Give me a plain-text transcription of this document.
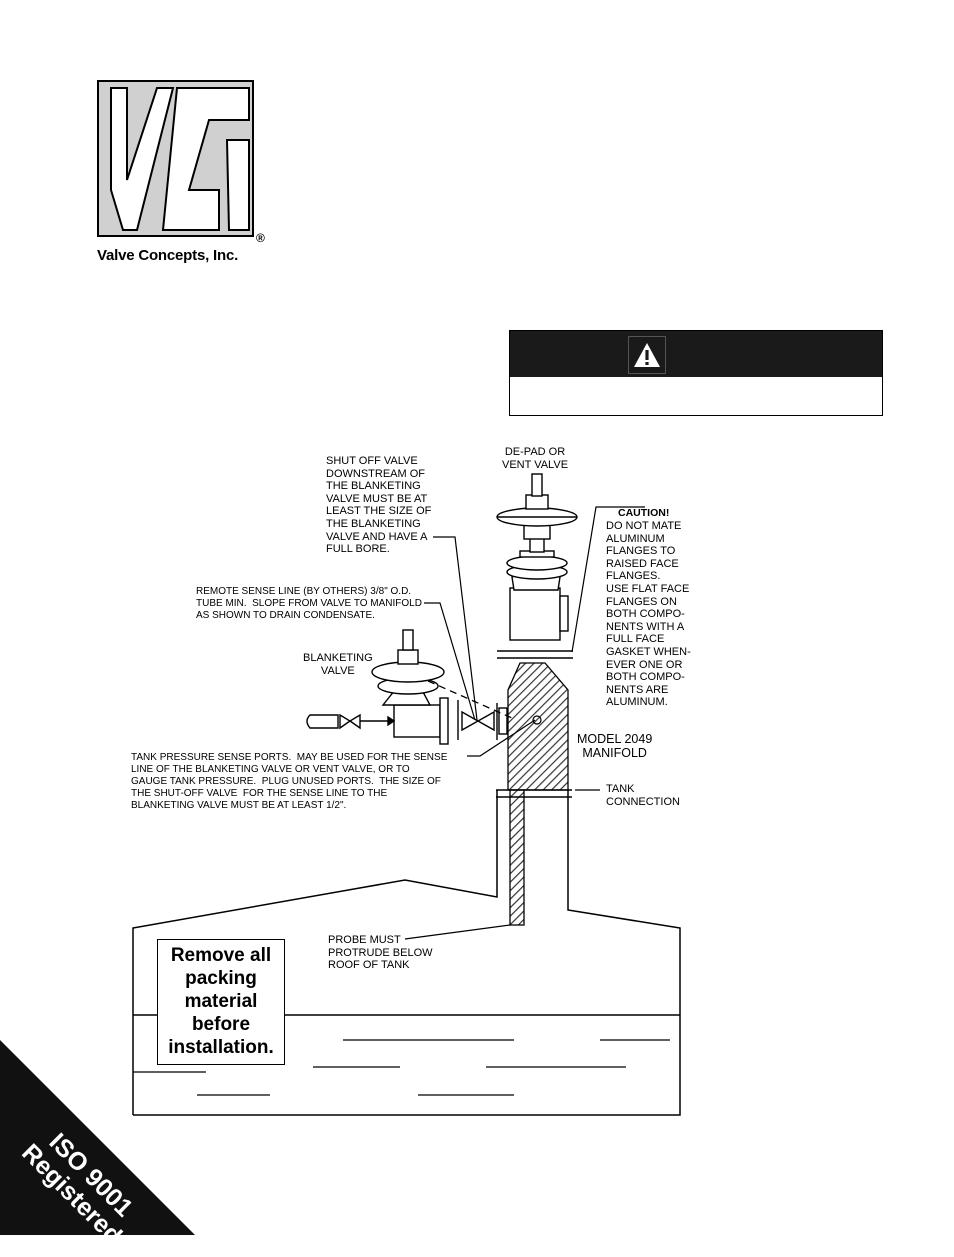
®
Valve Concepts, Inc.
DE-PAD OR
VENT VALVE
SHUT OFF VALVE
DOWNSTREAM OF
THE BLANKETING
VALVE MUST BE AT
LEAST THE SIZE OF
THE BLANKETING
VALVE AND HAVE A
FULL BORE.
CAUTION!
DO NOT MATE
ALUMINUM
FLANGES TO
RAISED FACE
FLANGES.
USE FLAT FACE
FLANGES ON
BOTH COMPO-
NENTS WITH A
FULL FACE
GASKET WHEN-
EVER ONE OR
BOTH COMPO-
NENTS ARE
ALUMINUM.
REMOTE SENSE LINE (BY OTHERS) 3/8" O.D.
TUBE MIN.  SLOPE FROM VALVE TO MANIFOLD
AS SHOWN TO DRAIN CONDENSATE.
BLANKETING
VALVE
MODEL 2049
MANIFOLD
TANK PRESSURE SENSE PORTS.  MAY BE USED FOR THE SENSE
LINE OF THE BLANKETING VALVE OR VENT VALVE, OR TO
GAUGE TANK PRESSURE.  PLUG UNUSED PORTS.  THE SIZE OF
THE SHUT-OFF VALVE  FOR THE SENSE LINE TO THE
BLANKETING VALVE MUST BE AT LEAST 1/2".
TANK
CONNECTION
PROBE MUST
PROTRUDE BELOW
ROOF OF TANK
Remove all
packing
material
before
installation.
ISO 9001
Registered
